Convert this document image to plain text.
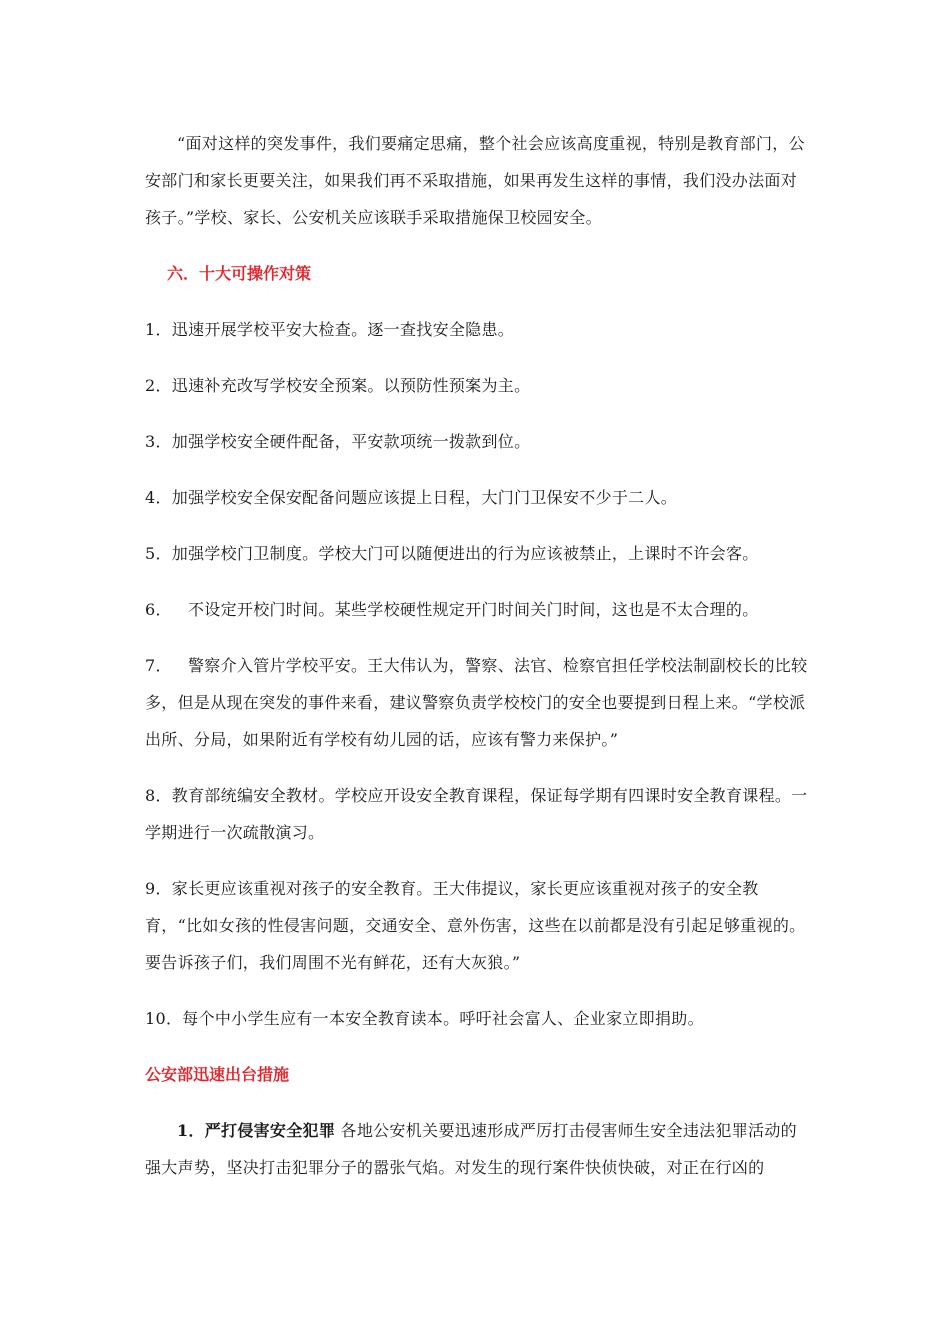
“面对这样的突发事件，我们要痛定思痛，整个社会应该高度重视，特别是教育部门，公安部门和家长更要关注，如果我们再不采取措施，如果再发生这样的事情，我们没办法面对孩子。”学校、家长、公安机关应该联手采取措施保卫校园安全。

六．十大可操作对策

1．迅速开展学校平安大检查。逐一查找安全隐患。

2．迅速补充改写学校安全预案。以预防性预案为主。

3．加强学校安全硬件配备，平安款项统一拨款到位。

4．加强学校安全保安配备问题应该提上日程，大门门卫保安不少于二人。

5．加强学校门卫制度。学校大门可以随便进出的行为应该被禁止，上课时不许会客。

6． 不设定开校门时间。某些学校硬性规定开门时间关门时间，这也是不太合理的。

7． 警察介入管片学校平安。王大伟认为，警察、法官、检察官担任学校法制副校长的比较多，但是从现在突发的事件来看，建议警察负责学校校门的安全也要提到日程上来。“学校派出所、分局，如果附近有学校有幼儿园的话，应该有警力来保护。”

8．教育部统编安全教材。学校应开设安全教育课程，保证每学期有四课时安全教育课程。一学期进行一次疏散演习。

9．家长更应该重视对孩子的安全教育。王大伟提议，家长更应该重视对孩子的安全教育，“比如女孩的性侵害问题，交通安全、意外伤害，这些在以前都是没有引起足够重视的。要告诉孩子们，我们周围不光有鲜花，还有大灰狼。”

10．每个中小学生应有一本安全教育读本。呼吁社会富人、企业家立即捐助。

公安部迅速出台措施

1．严打侵害安全犯罪 各地公安机关要迅速形成严厉打击侵害师生安全违法犯罪活动的强大声势，坚决打击犯罪分子的嚣张气焰。对发生的现行案件快侦快破，对正在行凶的
